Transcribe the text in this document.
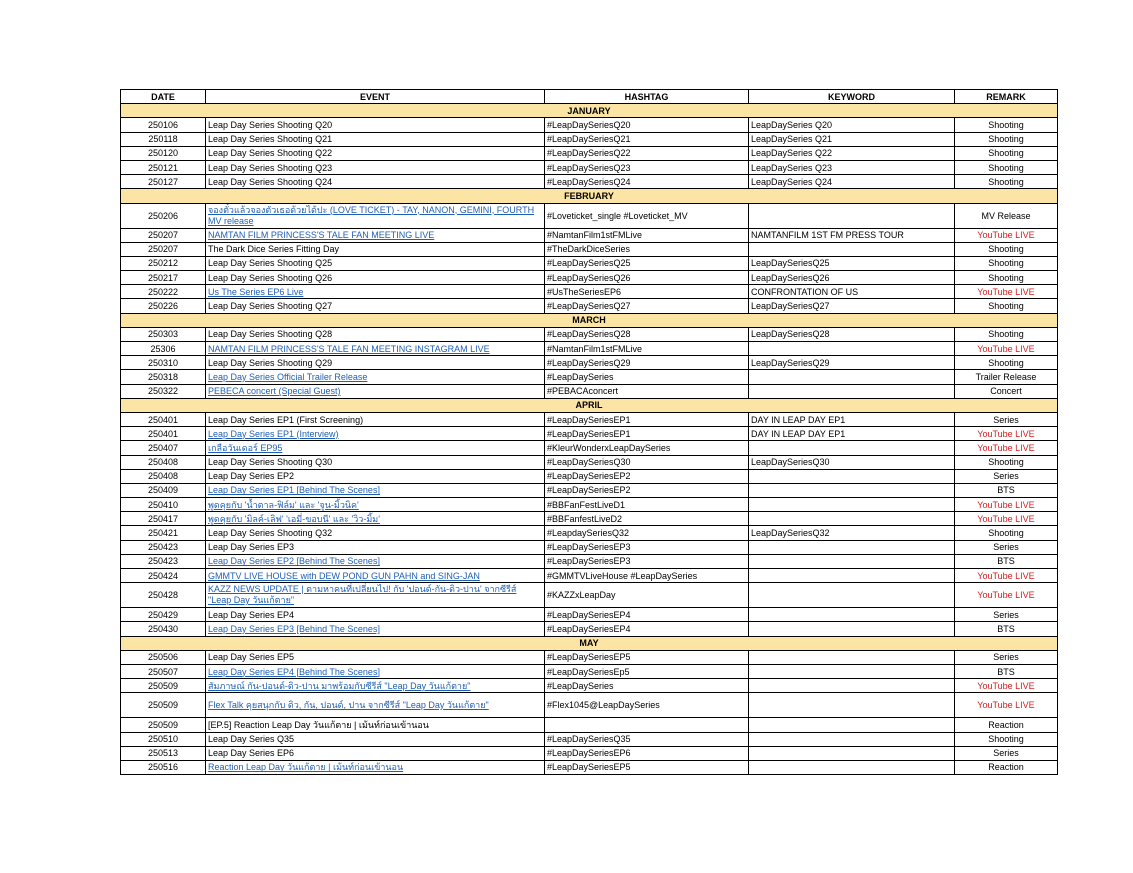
DATE	EVENT	HASHTAG	KEYWORD	REMARK
JANUARY				
250106	Leap Day Series Shooting Q20	#LeapDaySeriesQ20	LeapDaySeries Q20	Shooting
250118	Leap Day Series Shooting Q21	#LeapDaySeriesQ21	LeapDaySeries Q21	Shooting
250120	Leap Day Series Shooting Q22	#LeapDaySeriesQ22	LeapDaySeries Q22	Shooting
250121	Leap Day Series Shooting Q23	#LeapDaySeriesQ23	LeapDaySeries Q23	Shooting
250127	Leap Day Series Shooting Q24	#LeapDaySeriesQ24	LeapDaySeries Q24	Shooting
FEBRUARY				
250206	จองตั๋วแล้วจองตัวเธอด้วยได้ปะ (LOVE TICKET) - TAY, NANON, GEMINI, FOURTH MV release	#Loveticket_single #Loveticket_MV		MV Release
250207	NAMTAN FILM PRINCESS'S TALE FAN MEETING LIVE	#NamtanFilm1stFMLive	NAMTANFILM 1ST FM PRESS TOUR	YouTube LIVE
250207	The Dark Dice Series Fitting Day	#TheDarkDiceSeries		Shooting
250212	Leap Day Series Shooting Q25	#LeapDaySeriesQ25	LeapDaySeriesQ25	Shooting
250217	Leap Day Series Shooting Q26	#LeapDaySeriesQ26	LeapDaySeriesQ26	Shooting
250222	Us The Series EP6 Live	#UsTheSeriesEP6	CONFRONTATION OF US	YouTube LIVE
250226	Leap Day Series Shooting Q27	#LeapDaySeriesQ27	LeapDaySeriesQ27	Shooting
MARCH				
250303	Leap Day Series Shooting Q28	#LeapDaySeriesQ28	LeapDaySeriesQ28	Shooting
25306	NAMTAN FILM PRINCESS'S TALE FAN MEETING INSTAGRAM LIVE	#NamtanFilm1stFMLive		YouTube LIVE
250310	Leap Day Series Shooting Q29	#LeapDaySeriesQ29	LeapDaySeriesQ29	Shooting
250318	Leap Day Series Official Trailer Release	#LeapDaySeries		Trailer Release
250322	PEBECA concert (Special Guest)	#PEBACAconcert		Concert
APRIL				
250401	Leap Day Series EP1 (First Screening)	#LeapDaySeriesEP1	DAY IN LEAP DAY EP1	Series
250401	Leap Day Series EP1 (Interview)	#LeapDaySeriesEP1	DAY IN LEAP DAY EP1	YouTube LIVE
250407	เกลือวันเดอร์ EP95	#KleurWonderxLeapDaySeries		YouTube LIVE
250408	Leap Day Series Shooting Q30	#LeapDaySeriesQ30	LeapDaySeriesQ30	Shooting
250408	Leap Day Series EP2	#LeapDaySeriesEP2		Series
250409	Leap Day Series EP1 [Behind The Scenes]	#LeapDaySeriesEP2		BTS
250410	พูดคุยกับ 'น้ำตาล-ฟิล์ม' และ 'จูน-มิ้วนิค'	#BBFanFestLiveD1		YouTube LIVE
250417	พูดคุยกับ 'มิลค์-เลิฟ' 'เอมี่-ขอบนี' และ 'วิว-มิ้ม'	#BBFanfestLiveD2		YouTube LIVE
250421	Leap Day Series Shooting Q32	#LeapdaySeriesQ32	LeapDaySeriesQ32	Shooting
250423	Leap Day Series EP3	#LeapDaySeriesEP3		Series
250423	Leap Day Series EP2 [Behind The Scenes]	#LeapDaySeriesEP3		BTS
250424	GMMTV LIVE HOUSE with DEW POND GUN PAHN and SING-JAN	#GMMTVLiveHouse #LeapDaySeries		YouTube LIVE
250428	KAZZ NEWS UPDATE | ตามหาคนที่เปลี่ยนไป! กับ 'ปอนด์-กัน-ดิว-ปาน' จากซีรีส์ "Leap Day วันแก้ตาย"	#KAZZxLeapDay		YouTube LIVE
250429	Leap Day Series EP4	#LeapDaySeriesEP4		Series
250430	Leap Day Series EP3 [Behind The Scenes]	#LeapDaySeriesEP4		BTS
MAY				
250506	Leap Day Series EP5	#LeapDaySeriesEP5		Series
250507	Leap Day Series EP4 [Behind The Scenes]	#LeapDaySeriesEp5		BTS
250509	สัมภาษณ์ กัน-ปอนด์-ดิว-ปาน มาพร้อมกับซีรีส์ "Leap Day วันแก้ตาย"	#LeapDaySeries		YouTube LIVE
250509	Flex Talk คุยสนุกกับ ดิว, กัน, ปอนด์, ปาน จากซีรีส์ "Leap Day วันแก้ตาย"	#Flex1045@LeapDaySeries		YouTube LIVE
250509	[EP.5] Reaction Leap Day วันแก้ตาย | เม้นท์ก่อนเข้านอน			Reaction
250510	Leap Day Series Q35	#LeapDaySeriesQ35		Shooting
250513	Leap Day Series EP6	#LeapDaySeriesEP6		Series
250516	Reaction Leap Day วันแก้ตาย | เม้นท์ก่อนเข้านอน	#LeapDaySeriesEP5		Reaction
